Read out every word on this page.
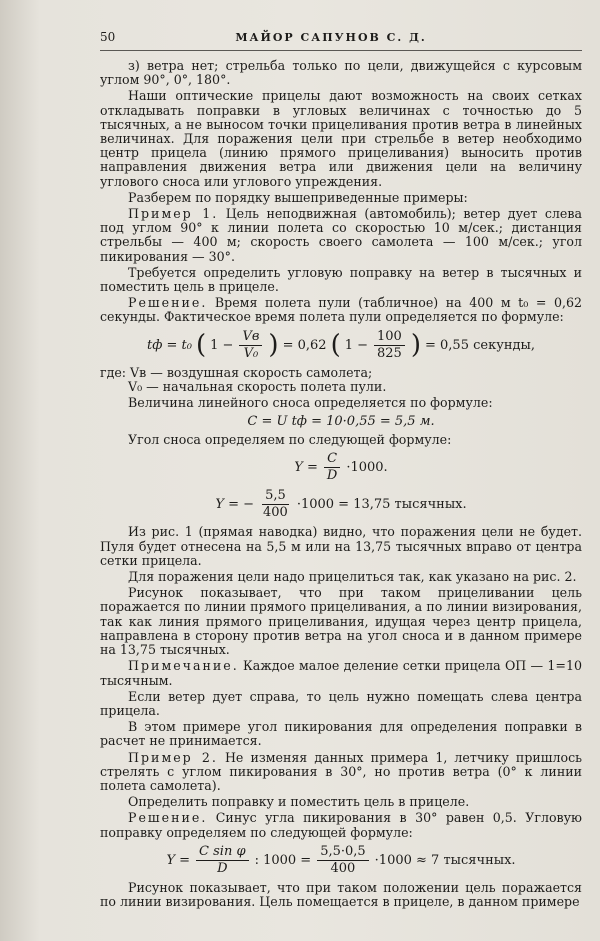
50	МАЙОР САПУНОВ С. Д.

з) ветра нет; стрельба только по цели, движущейся с курсовым углом 90°, 0°, 180°.

Наши оптические прицелы дают возможность на своих сетках откладывать поправки в угловых величинах с точностью до 5 тысячных, а не выносом точки прицеливания против ветра в линейных величинах. Для поражения цели при стрельбе в ветер необходимо центр прицела (линию прямого прицеливания) выносить против направления движения ветра или движения цели на величину углового сноса или углового упреждения.

Разберем по порядку вышеприведенные примеры:

Пример 1. Цель неподвижная (автомобиль); ветер дует слева под углом 90° к линии полета со скоростью 10 м/сек.; дистанция стрельбы — 400 м; скорость своего самолета — 100 м/сек.; угол пикирования — 30°.

Требуется определить угловую поправку на ветер в тысячных и поместить цель в прицеле.

Решение. Время полета пули (табличное) на 400 м t₀ = 0,62 секунды. Фактическое время полета пули определяется по формуле:

tф = t₀ ( $1 - \frac{Vв}{\text{V₀}}$ ) = 0,62 ( $1 - \frac{100}{825}$ ) = 0,55 секунды,
где: Vв — воздушная скорость самолета;
V₀ — начальная скорость полета пули.

Величина линейного сноса определяется по формуле:

C = U tф = 10·0,55 = 5,5 м.

Угол сноса определяем по следующей формуле:

$Y = \frac{C}{D} \cdot 1000$.
Y = − $\frac{5,5}{400} \cdot 1000 = 13,75$ тысячных.

Из рис. 1 (прямая наводка) видно, что поражения цели не будет. Пуля будет отнесена на 5,5 м или на 13,75 тысячных вправо от центра сетки прицела.

Для поражения цели надо прицелиться так, как указано на рис. 2.

Рисунок показывает, что при таком прицеливании цель поражается по линии прямого прицеливания, а по линии визирования, так как линия прямого прицеливания, идущая через центр прицела, направлена в сторону против ветра на угол сноса и в данном примере на 13,75 тысячных.

Примечание. Каждое малое деление сетки прицела ОП — 1=10 тысячным.

Если ветер дует справа, то цель нужно помещать слева центра прицела.

В этом примере угол пикирования для определения поправки в расчет не принимается.

Пример 2. Не изменяя данных примера 1, летчику пришлось стрелять с углом пикирования в 30°, но против ветра (0° к линии полета самолета).

Определить поправку и поместить цель в прицеле.

Решение. Синус угла пикирования в 30° равен 0,5. Угловую поправку определяем по следующей формуле:

$Y = \frac{\text{C sin φ}}{D}$ : $1000 = \frac{5,5\cdot 0,5}{400} \cdot 1000 \approx 7$ тысячных.

Рисунок показывает, что при таком положении цель поражается по линии визирования. Цель помещается в прицеле, в данном примере
